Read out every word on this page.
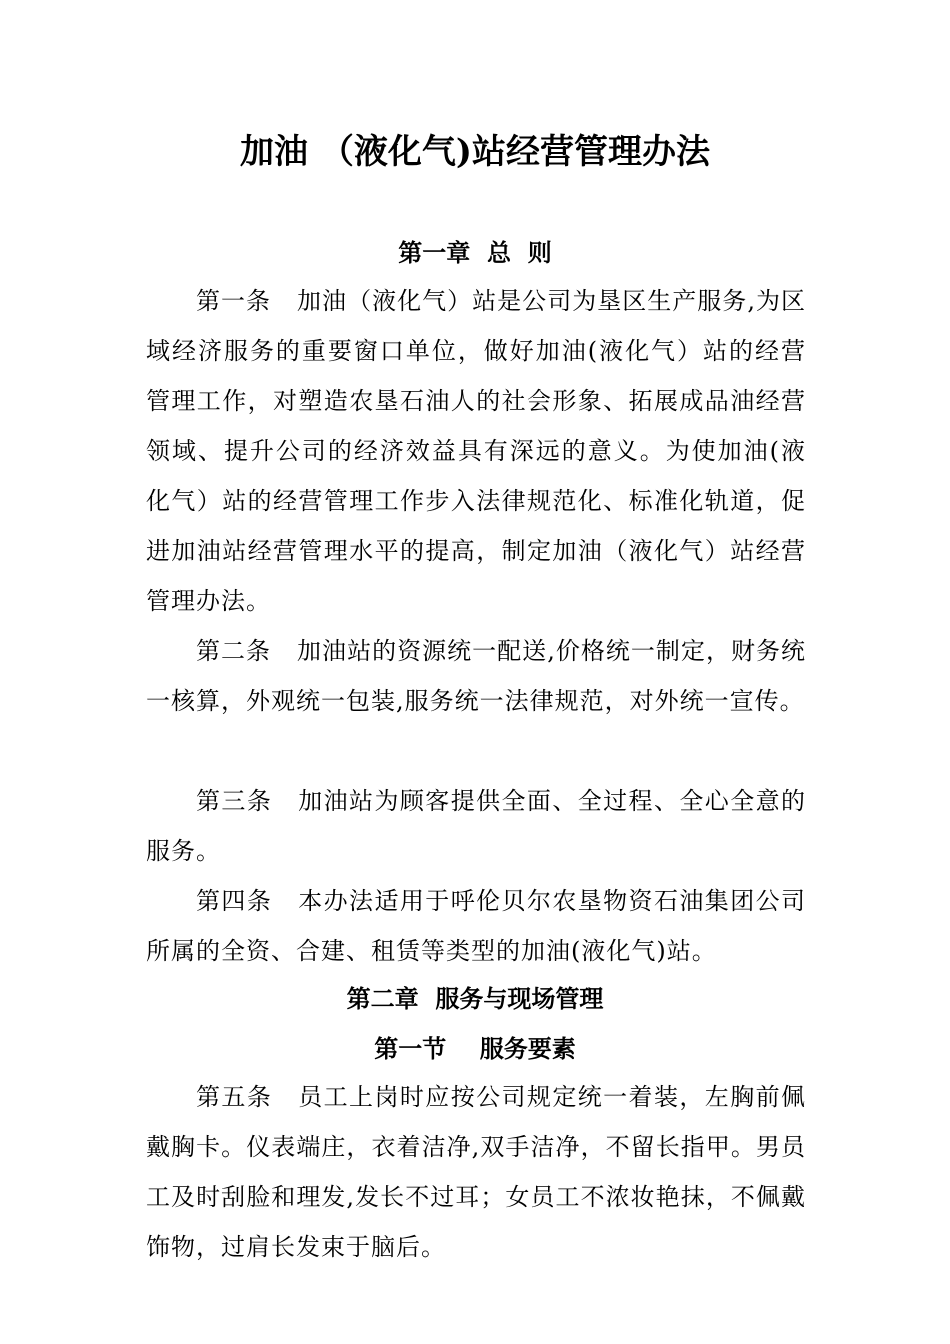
加油 （液化气)站经营管理办法
第一章  总  则
第一条 加油（液化气）站是公司为垦区生产服务,为区域经济服务的重要窗口单位，做好加油(液化气）站的经营管理工作，对塑造农垦石油人的社会形象、拓展成品油经营领域、提升公司的经济效益具有深远的意义。为使加油(液化气）站的经营管理工作步入法律规范化、标准化轨道，促进加油站经营管理水平的提高，制定加油（液化气）站经营管理办法。
第二条 加油站的资源统一配送,价格统一制定，财务统一核算，外观统一包装,服务统一法律规范，对外统一宣传。
第三条 加油站为顾客提供全面、全过程、全心全意的服务。
第四条 本办法适用于呼伦贝尔农垦物资石油集团公司所属的全资、合建、租赁等类型的加油(液化气)站。
第二章  服务与现场管理
第一节    服务要素
第五条 员工上岗时应按公司规定统一着装，左胸前佩戴胸卡。仪表端庄，衣着洁净,双手洁净，不留长指甲。男员工及时刮脸和理发,发长不过耳；女员工不浓妆艳抹，不佩戴饰物，过肩长发束于脑后。
